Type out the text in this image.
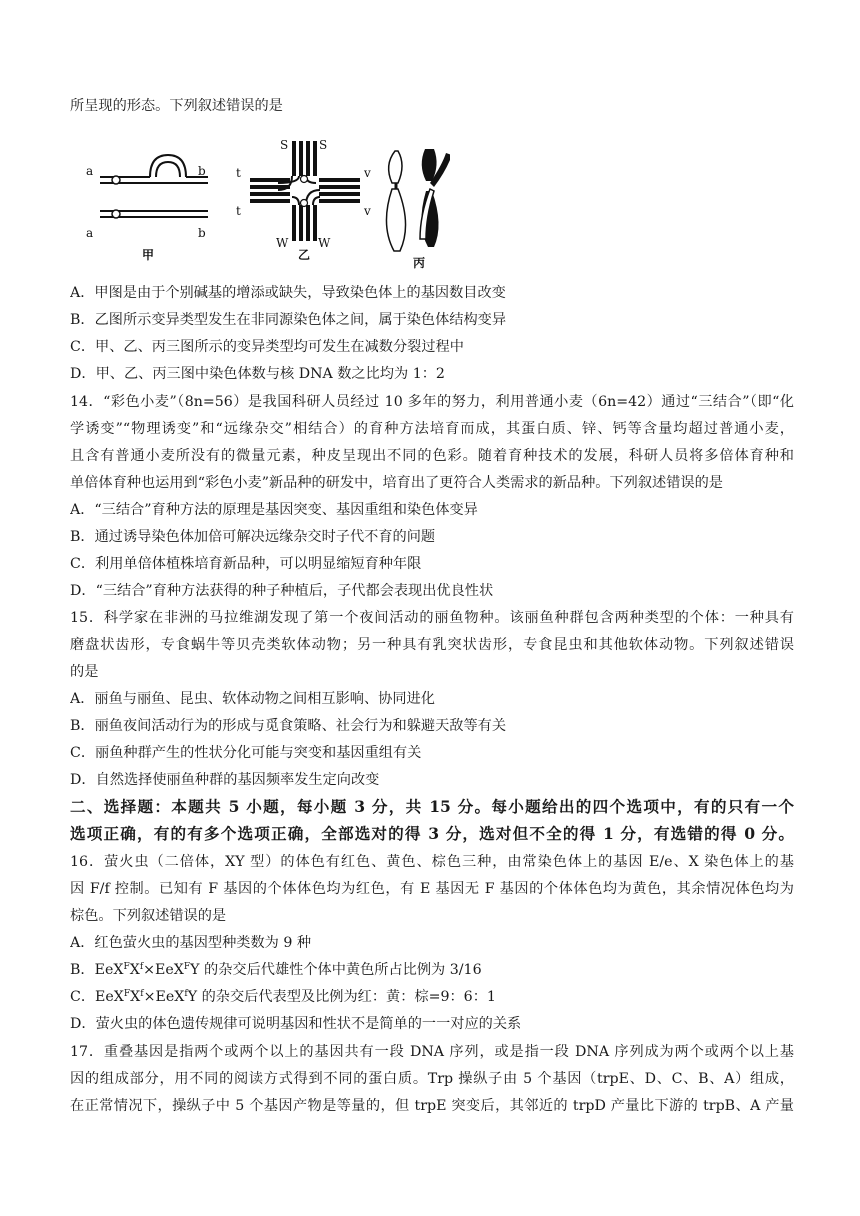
所呈现的形态。下列叙述错误的是
a
a
b
b
甲
S	S
t
t
v
v
W W
乙
丙
A．甲图是由于个别碱基的增添或缺失，导致染色体上的基因数目改变
B．乙图所示变异类型发生在非同源染色体之间，属于染色体结构变异
C．甲、乙、丙三图所示的变异类型均可发生在减数分裂过程中
D．甲、乙、丙三图中染色体数与核 DNA 数之比均为 1：2
14．“彩色小麦”（8n=56）是我国科研人员经过 10 多年的努力，利用普通小麦（6n=42）通过“三结合”（即“化
学诱变”“物理诱变”和“远缘杂交”相结合）的育种方法培育而成，其蛋白质、锌、钙等含量均超过普通小麦，
且含有普通小麦所没有的微量元素，种皮呈现出不同的色彩。随着育种技术的发展，科研人员将多倍体育种和
单倍体育种也运用到“彩色小麦”新品种的研发中，培育出了更符合人类需求的新品种。下列叙述错误的是
A．“三结合”育种方法的原理是基因突变、基因重组和染色体变异
B．通过诱导染色体加倍可解决远缘杂交时子代不育的问题
C．利用单倍体植株培育新品种，可以明显缩短育种年限
D．“三结合”育种方法获得的种子种植后，子代都会表现出优良性状
15．科学家在非洲的马拉维湖发现了第一个夜间活动的丽鱼物种。该丽鱼种群包含两种类型的个体：一种具有
磨盘状齿形，专食蜗牛等贝壳类软体动物；另一种具有乳突状齿形，专食昆虫和其他软体动物。下列叙述错误
的是
A．丽鱼与丽鱼、昆虫、软体动物之间相互影响、协同进化
B．丽鱼夜间活动行为的形成与觅食策略、社会行为和躲避天敌等有关
C．丽鱼种群产生的性状分化可能与突变和基因重组有关
D．自然选择使丽鱼种群的基因频率发生定向改变
二、选择题：本题共 5 小题，每小题 3 分，共 15 分。每小题给出的四个选项中，有的只有一个
选项正确，有的有多个选项正确，全部选对的得 3 分，选对但不全的得 1 分，有选错的得 0 分。
16．萤火虫（二倍体，XY 型）的体色有红色、黄色、棕色三种，由常染色体上的基因 E/e、X 染色体上的基
因 F/f 控制。已知有 F 基因的个体体色均为红色，有 E 基因无 F 基因的个体体色均为黄色，其余情况体色均为
棕色。下列叙述错误的是
A．红色萤火虫的基因型种类数为 9 种
B．$EeX^FX^f\times EeX^FY$ 的杂交后代雄性个体中黄色所占比例为 3/16
C．$EeX^FX^f\times EeX^fY$ 的杂交后代表型及比例为红：黄：棕=9：6：1
D．萤火虫的体色遗传规律可说明基因和性状不是简单的一一对应的关系
17．重叠基因是指两个或两个以上的基因共有一段 DNA 序列，或是指一段 DNA 序列成为两个或两个以上基
因的组成部分，用不同的阅读方式得到不同的蛋白质。Trp 操纵子由 5 个基因（trpE、D、C、B、A）组成，
在正常情况下，操纵子中 5 个基因产物是等量的，但 trpE 突变后，其邻近的 trpD 产量比下游的 trpB、A 产量
